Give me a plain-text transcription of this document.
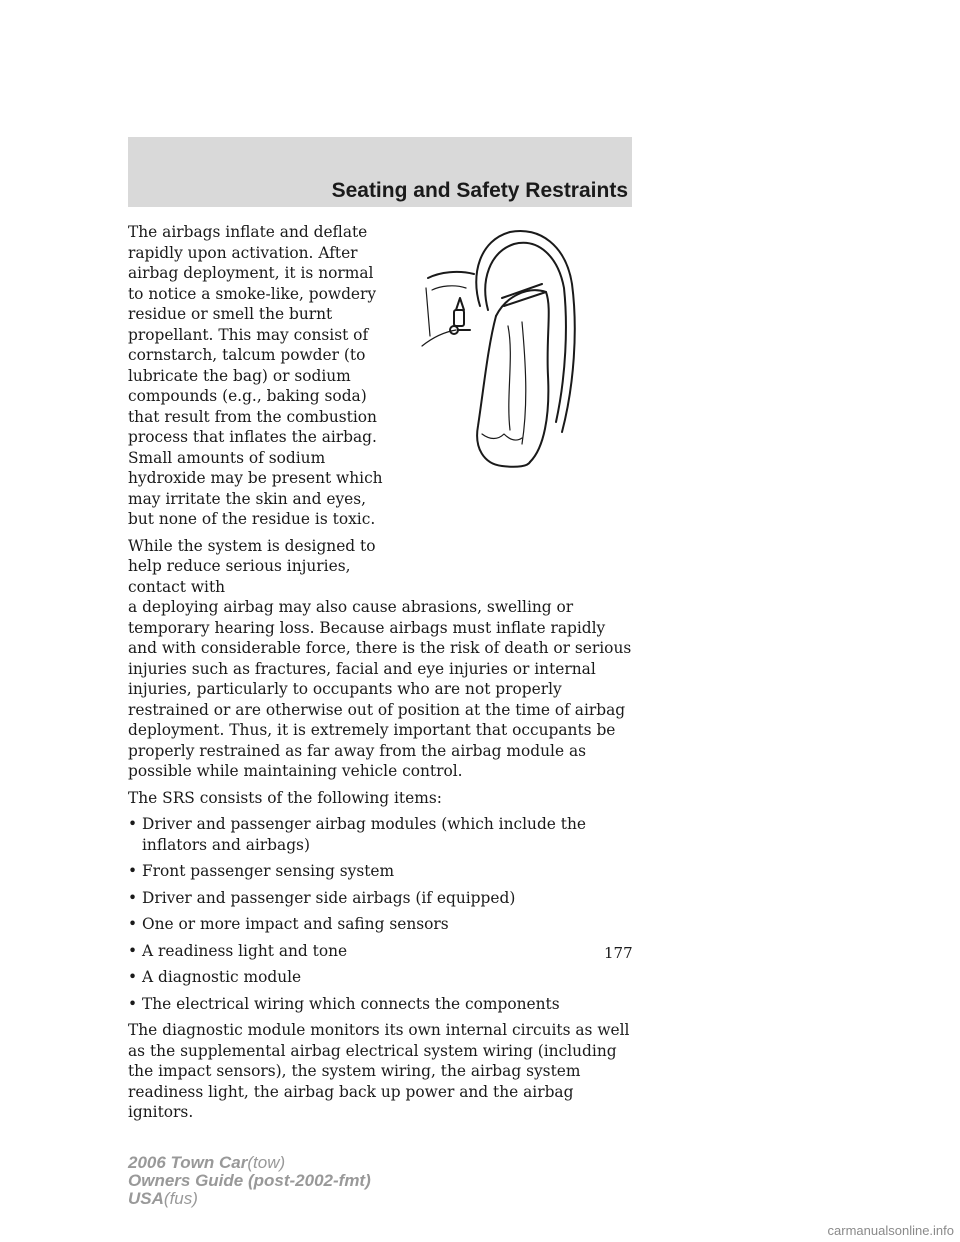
Seating and Safety Restraints

The airbags inflate and deflate rapidly upon activation. After airbag deployment, it is normal to notice a smoke-like, powdery residue or smell the burnt propellant. This may consist of cornstarch, talcum powder (to lubricate the bag) or sodium compounds (e.g., baking soda) that result from the combustion process that inflates the airbag. Small amounts of sodium hydroxide may be present which may irritate the skin and eyes, but none of the residue is toxic.

While the system is designed to help reduce serious injuries, contact with
a deploying airbag may also cause abrasions, swelling or temporary hearing loss. Because airbags must inflate rapidly and with considerable force, there is the risk of death or serious injuries such as fractures, facial and eye injuries or internal injuries, particularly to occupants who are not properly restrained or are otherwise out of position at the time of airbag deployment. Thus, it is extremely important that occupants be properly restrained as far away from the airbag module as possible while maintaining vehicle control.

The SRS consists of the following items:

• Driver and passenger airbag modules (which include the inflators and airbags)
• Front passenger sensing system
• Driver and passenger side airbags (if equipped)
• One or more impact and safing sensors
• A readiness light and tone
• A diagnostic module
• The electrical wiring which connects the components

The diagnostic module monitors its own internal circuits as well as the supplemental airbag electrical system wiring (including the impact sensors), the system wiring, the airbag system readiness light, the airbag back up power and the airbag ignitors.

177
2006 Town Car(tow)
Owners Guide (post-2002-fmt)
USA(fus)
carmanualsonline.info
